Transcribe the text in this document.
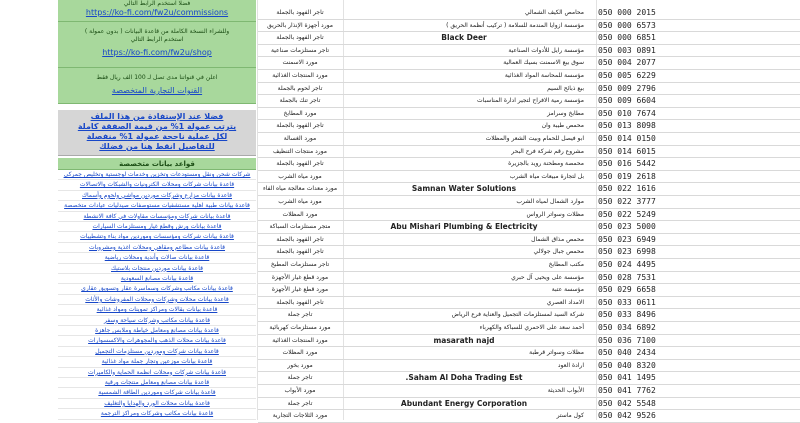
فضلا استخدم الرابط التالي
https://ko-fi.com/fw2u/commissions
وللشراء النسخة الكاملة من قاعدة البيانات ( بدون عمولة )
استخدم الرابط التالي
https://ko-fi.com/fw2u/shop
اعلن في قنواتنا مدى تصل لـ 100 الف ريال فقط
القنوات التجارية المتخصصة
فضلا عند الإستفادة من هذا الملف
يترتب عمولة 1% من قيمة الصفقة كاملة
لكل عملية ناجحة عمولة 1% منفصلة
للتفاصيل انقط هنا من فضلك
قواعد بيانات متخصصة
شركات شحن ونقل ومستودعات وتخزين وخدمات لوجستية وتخليص جمركي
قاعدة بيانات شركات ومحلات الكترونيات والشبكات والاتصالات
قاعدة بيانات مزارع وشركات موردين مواشي ولحوم وأسماك
قاعدة بيانات طبية اهلية مستشفيات مستوصفات صيدليات عيادات متخصصة
قاعدة بيانات شركات ومؤسسات مقاولات في كافة الانشطة
قاعدة بيانات ورش وقطع غيار ومستلزمات السيارات
قاعدة بيانات شركات ومؤسسات وموردين مواد بناء وتشطيبات
قاعدة بيانات مطاعم ومقاهي ومحلات اغذية ومشروبات
قاعدة بيانات صالات وأندية ومحلات رياضية
قاعدة بيانات موردين منتجات بلاستيك
قاعدة بيانات مصانع السعودية
قاعدة بيانات مكاتب وشركات وسماسرة عقار وتسويق عقاري
قاعدة بيانات محلات وشركات ومحلات المفروشات والأثاث
قاعدة بيانات بقالات ومراكز تموينات ومواد غذائية
قاعدة بيانات مكاتب وشركات سياحة وسفر
قاعدة بيانات مصانع ومعامل خياطة وملابس جاهزة
قاعدة بيانات محلات الذهب والمجوهرات والاكسسوارات
قاعدة بيانات شركات وموردين مستلزمات التجميل
قاعدة بيانات موزعين وتجار جملة مواد غذائية
قاعدة بيانات شركات ومحلات انظمة الحماية والكاميرات
قاعدة بيانات مصانع ومعامل منتجات ورقية
قاعدة بيانات شركات وموردين الطاقة الشمسية
قاعدة بيانات محلات الورد والهدايا والتغليف
قاعدة بيانات مكاتب وشركات ومراكز الترجمة
تاجر الفهود بالجملة	محامص الكيف الشمالي 050 000 2015
مورد أجهزة الإنذار بالحريق	مؤسسة ازوايا المندمة للسلامة ( تركيب أنظمة الحريق ) 050 000 6573
تاجر الفهود بالجملة	Black Deer	050 000 6851
تاجر مستلزمات صناعية	مؤسسة رايل للأدوات الصناعية 050 003 0891
مورد الاسمنت	سوق بيع الاسمنت بسيك العمالية 050 004 2077
مورد المنتجات الغذائية	مؤسسة للمحاسة المواد الغذائية 050 005 6229
تاجر لحوم بالجملة	بيع ذبائح السيم 050 009 2796
تاجر تنك بالجملة	مؤسسة رمية الافراح لتجير ادارة المناسبات 050 009 6604
مورد المطابخ	مطابخ وسرامز 050 010 7674
تاجر الفهود بالجملة	محمص طيبة وان 050 013 8098
مورد الغسالة	ابو فيصل للحمام وبيت الشعر والمظلات 050 014 0150
مورد منتجات التنظيف	مشروع رقم شركة فرح البحر 050 014 6015
تاجر الفهود بالجملة	محمصة ومطحنة رويد بالجزيرة 050 016 5442
مورد مياه الشرب	بل لتجارة مبيعات مياه الشرب 050 019 2618
مورد معدات معالجة مياه الفاء	Samnan Water Solutions	050 022 1616
مورد مياه الشرب	موارد الشمال لمياه الشرب 050 022 3777
مورد المظلات	مظلات وسواتر الرواس 050 022 5249
متجر مستلزمات السباكة	Abu Mishari Plumbing & Electricity	050 023 5000
تاجر الفهود بالجملة	محمص مذاق الشمال 050 023 6949
تاجر الفهود بالجملة	محمص جبال جولالي 050 023 6998
تاجر مستلزمات المطبخ	مكتب المطابخ 050 024 4495
مورد قطع غيار الأجهزة	مؤسسة على ويحيى آل حبري 050 028 7531
مورد قطع غيار الأجهزة	مؤسسة عتبة 050 029 6658
تاجر الفهود بالجملة	الامداد العصري 050 033 0611
تاجر جملة	شركة السيد لمستلزمات التجميل والعناية فرع الرياض 050 033 8496
مورد مستلزمات كهربائية	أحمد سعد على الاحمري للسباكة والكهرباء 050 034 6892
مورد المنتجات الغذائية	masarath najd	050 036 7100
مورد المظلات	مظلات وسواتر قرطبة 050 040 2434
مورد بخور	ارادة العود 050 040 8320
تاجر جملة	.Saham Al Doha Trading Est	050 041 1495
مورد الأبواب	الأبواب الحديثة 050 041 7762
تاجر جملة	Abundant Energy Corporation	050 042 5548
مورد الثلاجات التجارية	كول ماستر 050 042 9526
